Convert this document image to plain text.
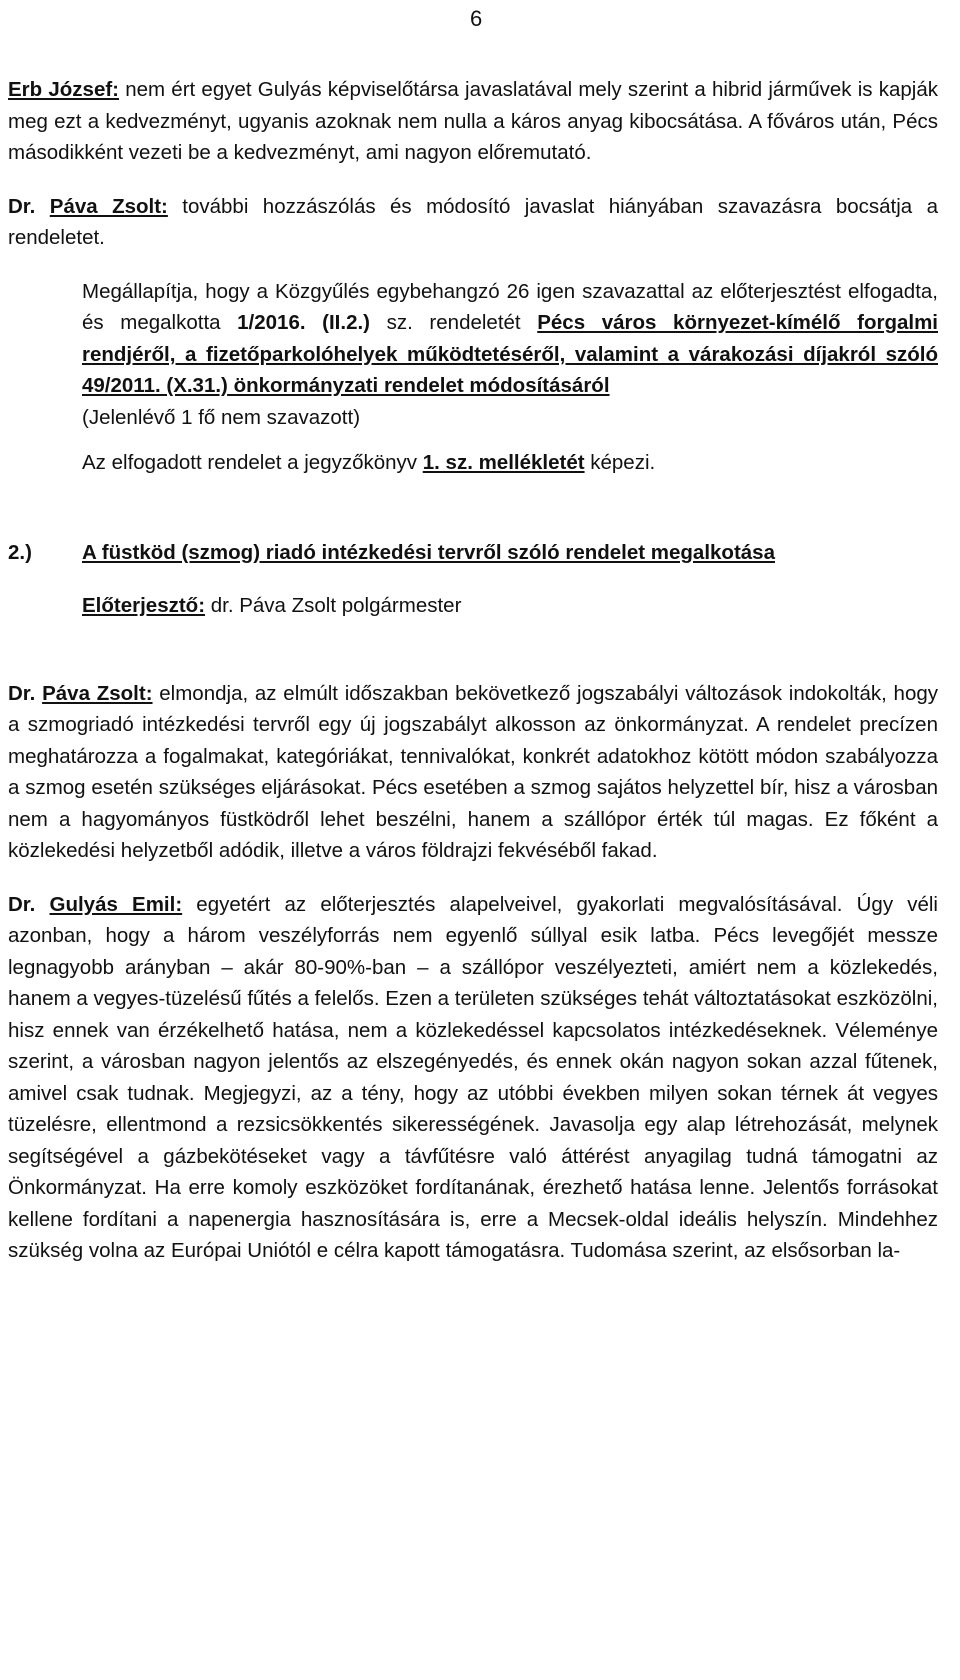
6

Erb József: nem ért egyet Gulyás képviselőtársa javaslatával mely szerint a hibrid járművek is kapják meg ezt a kedvezményt, ugyanis azoknak nem nulla a káros anyag kibocsátása. A főváros után, Pécs másodikként vezeti be a kedvezményt, ami nagyon előremutató.

Dr. Páva Zsolt: további hozzászólás és módosító javaslat hiányában szavazásra bocsátja a rendeletet.

Megállapítja, hogy a Közgyűlés egybehangzó 26 igen szavazattal az előterjesztést elfogadta, és megalkotta 1/2016. (II.2.) sz. rendeletét Pécs város környezet-kímélő forgalmi rendjéről, a fizetőparkolóhelyek működtetéséről, valamint a várakozási díjakról szóló 49/2011. (X.31.) önkormányzati rendelet módosításáról

(Jelenlévő 1 fő nem szavazott)

Az elfogadott rendelet a jegyzőkönyv 1. sz. mellékletét képezi.

2.)	A füstköd (szmog) riadó intézkedési tervről szóló rendelet megalkotása

Előterjesztő: dr. Páva Zsolt polgármester

Dr. Páva Zsolt: elmondja, az elmúlt időszakban bekövetkező jogszabályi változások indokolták, hogy a szmogriadó intézkedési tervről egy új jogszabályt alkosson az önkormányzat. A rendelet precízen meghatározza a fogalmakat, kategóriákat, tennivalókat, konkrét adatokhoz kötött módon szabályozza a szmog esetén szükséges eljárásokat. Pécs esetében a szmog sajátos helyzettel bír, hisz a városban nem a hagyományos füstködről lehet beszélni, hanem a szállópor érték túl magas. Ez főként a közlekedési helyzetből adódik, illetve a város földrajzi fekvéséből fakad.

Dr. Gulyás Emil: egyetért az előterjesztés alapelveivel, gyakorlati megvalósításával. Úgy véli azonban, hogy a három veszélyforrás nem egyenlő súllyal esik latba. Pécs levegőjét messze legnagyobb arányban – akár 80-90%-ban – a szállópor veszélyezteti, amiért nem a közlekedés, hanem a vegyes-tüzelésű fűtés a felelős. Ezen a területen szükséges tehát változtatásokat eszközölni, hisz ennek van érzékelhető hatása, nem a közlekedéssel kapcsolatos intézkedéseknek. Véleménye szerint, a városban nagyon jelentős az elszegényedés, és ennek okán nagyon sokan azzal fűtenek, amivel csak tudnak. Megjegyzi, az a tény, hogy az utóbbi években milyen sokan térnek át vegyes tüzelésre, ellentmond a rezsicsökkentés sikerességének. Javasolja egy alap létrehozását, melynek segítségével a gázbekötéseket vagy a távfűtésre való áttérést anyagilag tudná támogatni az Önkormányzat. Ha erre komoly eszközöket fordítanának, érezhető hatása lenne. Jelentős forrásokat kellene fordítani a napenergia hasznosítására is, erre a Mecsek-oldal ideális helyszín. Mindehhez szükség volna az Európai Uniótól e célra kapott támogatásra. Tudomása szerint, az elsősorban la-
